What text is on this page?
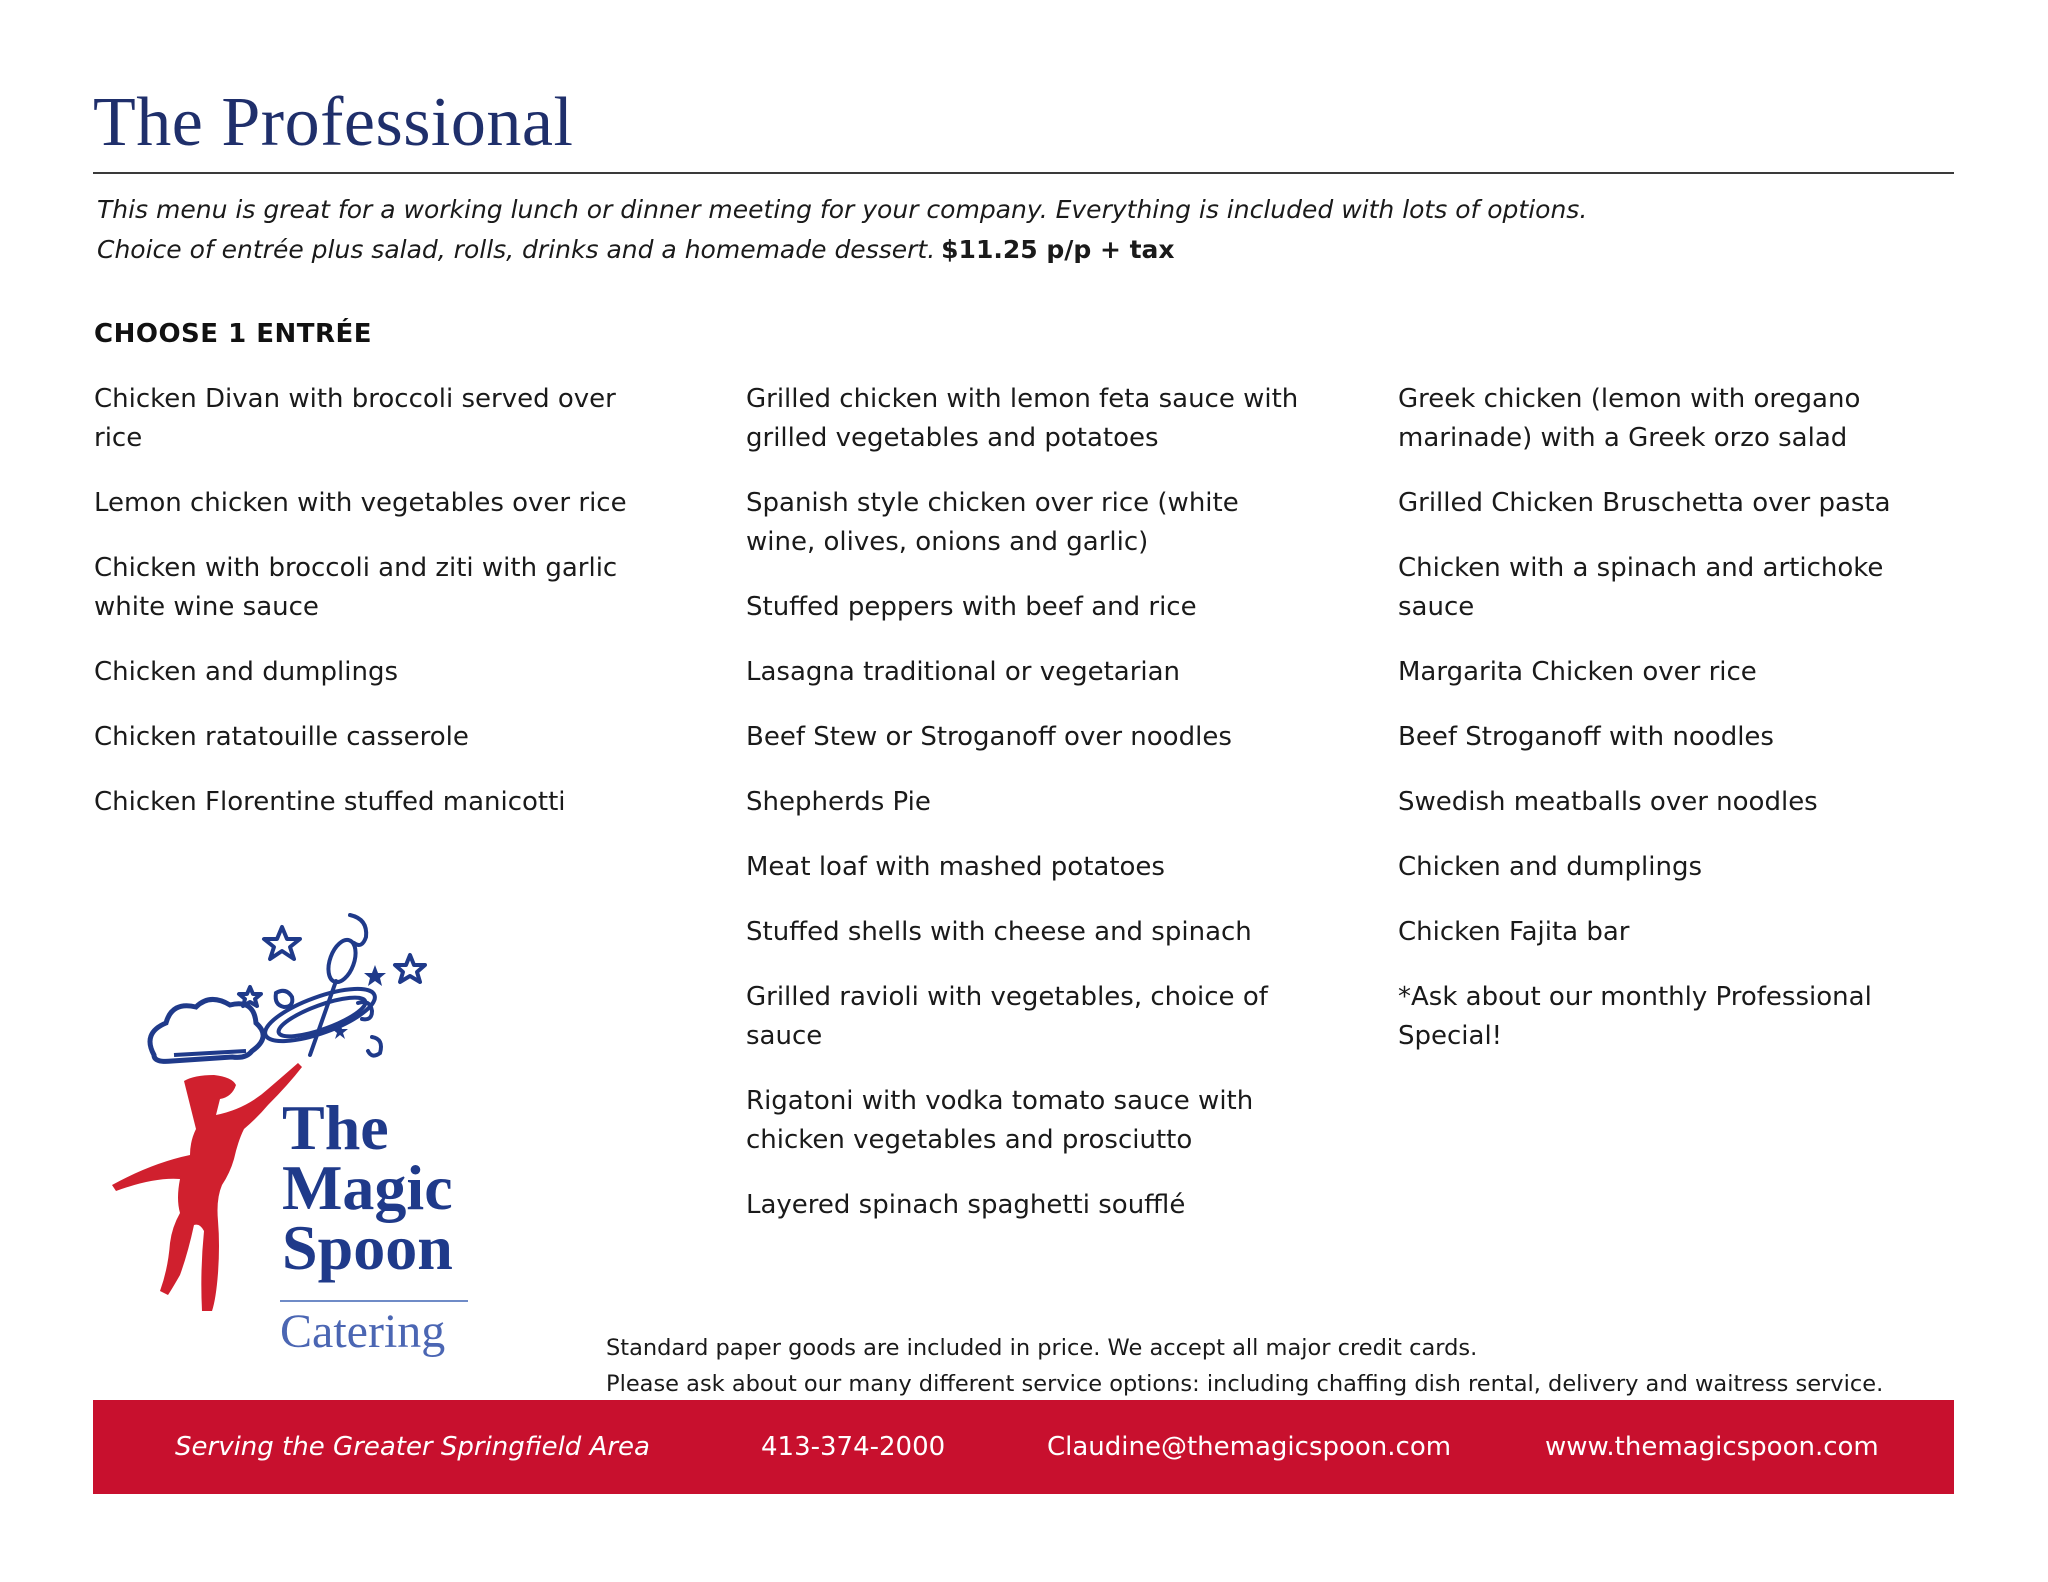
The Professional

This menu is great for a working lunch or dinner meeting for your company. Everything is included with lots of options.
Choice of entrée plus salad, rolls, drinks and a homemade dessert. $11.25 p/p + tax

CHOOSE 1 ENTRÉE
Chicken Divan with broccoli served over rice
Lemon chicken with vegetables over rice
Chicken with broccoli and ziti with garlic white wine sauce
Chicken and dumplings
Chicken ratatouille casserole
Chicken Florentine stuffed manicotti
Grilled chicken with lemon feta sauce with grilled vegetables and potatoes
Spanish style chicken over rice (white wine, olives, onions and garlic)
Stuffed peppers with beef and rice
Lasagna traditional or vegetarian
Beef Stew or Stroganoff over noodles
Shepherds Pie
Meat loaf with mashed potatoes
Stuffed shells with cheese and spinach
Grilled ravioli with vegetables, choice of sauce
Rigatoni with vodka tomato sauce with chicken vegetables and prosciutto
Layered spinach spaghetti soufflé
Greek chicken (lemon with oregano marinade) with a Greek orzo salad
Grilled Chicken Bruschetta over pasta
Chicken with a spinach and artichoke sauce
Margarita Chicken over rice
Beef Stroganoff with noodles
Swedish meatballs over noodles
Chicken and dumplings
Chicken Fajita bar
*Ask about our monthly Professional Special!
The
Magic
Spoon
Catering	Standard paper goods are included in price. We accept all major credit cards.
Please ask about our many different service options: including chaffing dish rental, delivery and waitress service.
Serving the Greater Springfield Area	413-374-2000	Claudine@themagicspoon.com	www.themagicspoon.com
